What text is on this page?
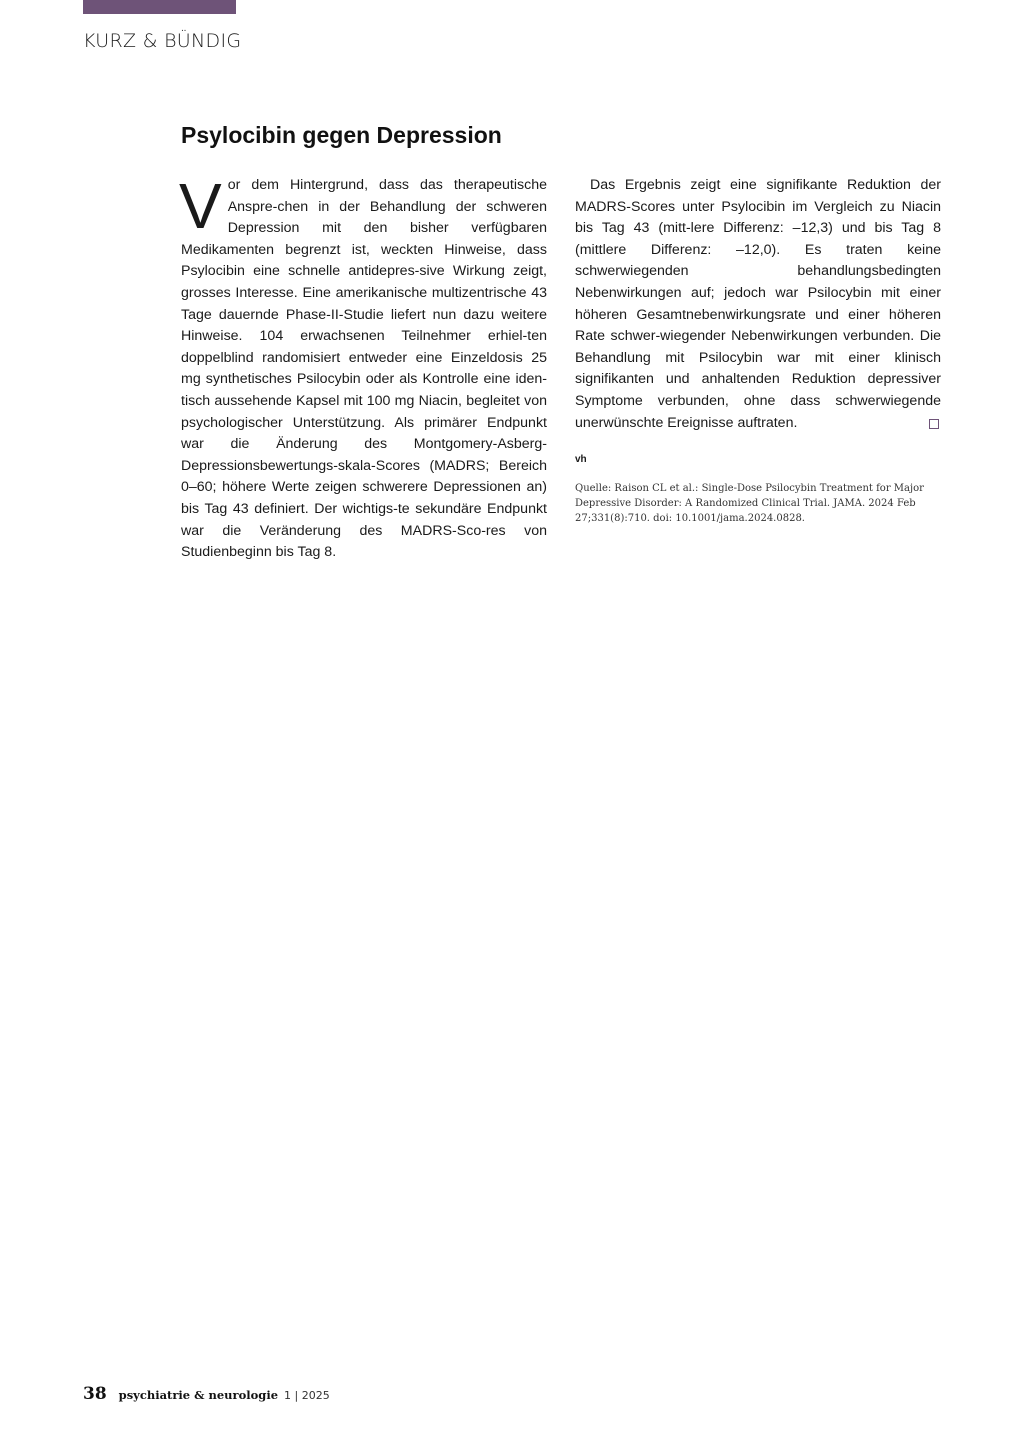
KURZ & BÜNDIG
Psylocibin gegen Depression

Vor dem Hintergrund, dass das therapeutische Anspre-chen in der Behandlung der schweren Depression mit den bisher verfügbaren Medikamenten begrenzt ist, weckten Hinweise, dass Psylocibin eine schnelle antidepres-sive Wirkung zeigt, grosses Interesse. Eine amerikanische multizentrische 43 Tage dauernde Phase-II-Studie liefert nun dazu weitere Hinweise. 104 erwachsenen Teilnehmer erhiel-ten doppelblind randomisiert entweder eine Einzeldosis 25 mg synthetisches Psilocybin oder als Kontrolle eine iden-tisch aussehende Kapsel mit 100 mg Niacin, begleitet von psychologischer Unterstützung. Als primärer Endpunkt war die Änderung des Montgomery-Asberg-Depressionsbewertungs-skala-Scores (MADRS; Bereich 0–60; höhere Werte zeigen schwerere Depressionen an) bis Tag 43 definiert. Der wichtigs-te sekundäre Endpunkt war die Veränderung des MADRS-Sco-res von Studienbeginn bis Tag 8.

Das Ergebnis zeigt eine signifikante Reduktion der MADRS-Scores unter Psylocibin im Vergleich zu Niacin bis Tag 43 (mitt-lere Differenz: –12,3) und bis Tag 8 (mittlere Differenz: –12,0). Es traten keine schwerwiegenden behandlungsbedingten Nebenwirkungen auf; jedoch war Psilocybin mit einer höheren Gesamtnebenwirkungsrate und einer höheren Rate schwer-wiegender Nebenwirkungen verbunden. Die Behandlung mit Psilocybin war mit einer klinisch signifikanten und anhaltenden Reduktion depressiver Symptome verbunden, ohne dass schwerwiegende unerwünschte Ereignisse auftraten.

vh

Quelle: Raison CL et al.: Single-Dose Psilocybin Treatment for Major Depressive Disorder: A Randomized Clinical Trial. JAMA. 2024 Feb 27;331(8):710. doi: 10.1001/jama.2024.0828.

38 psychiatrie & neurologie 1 | 2025
